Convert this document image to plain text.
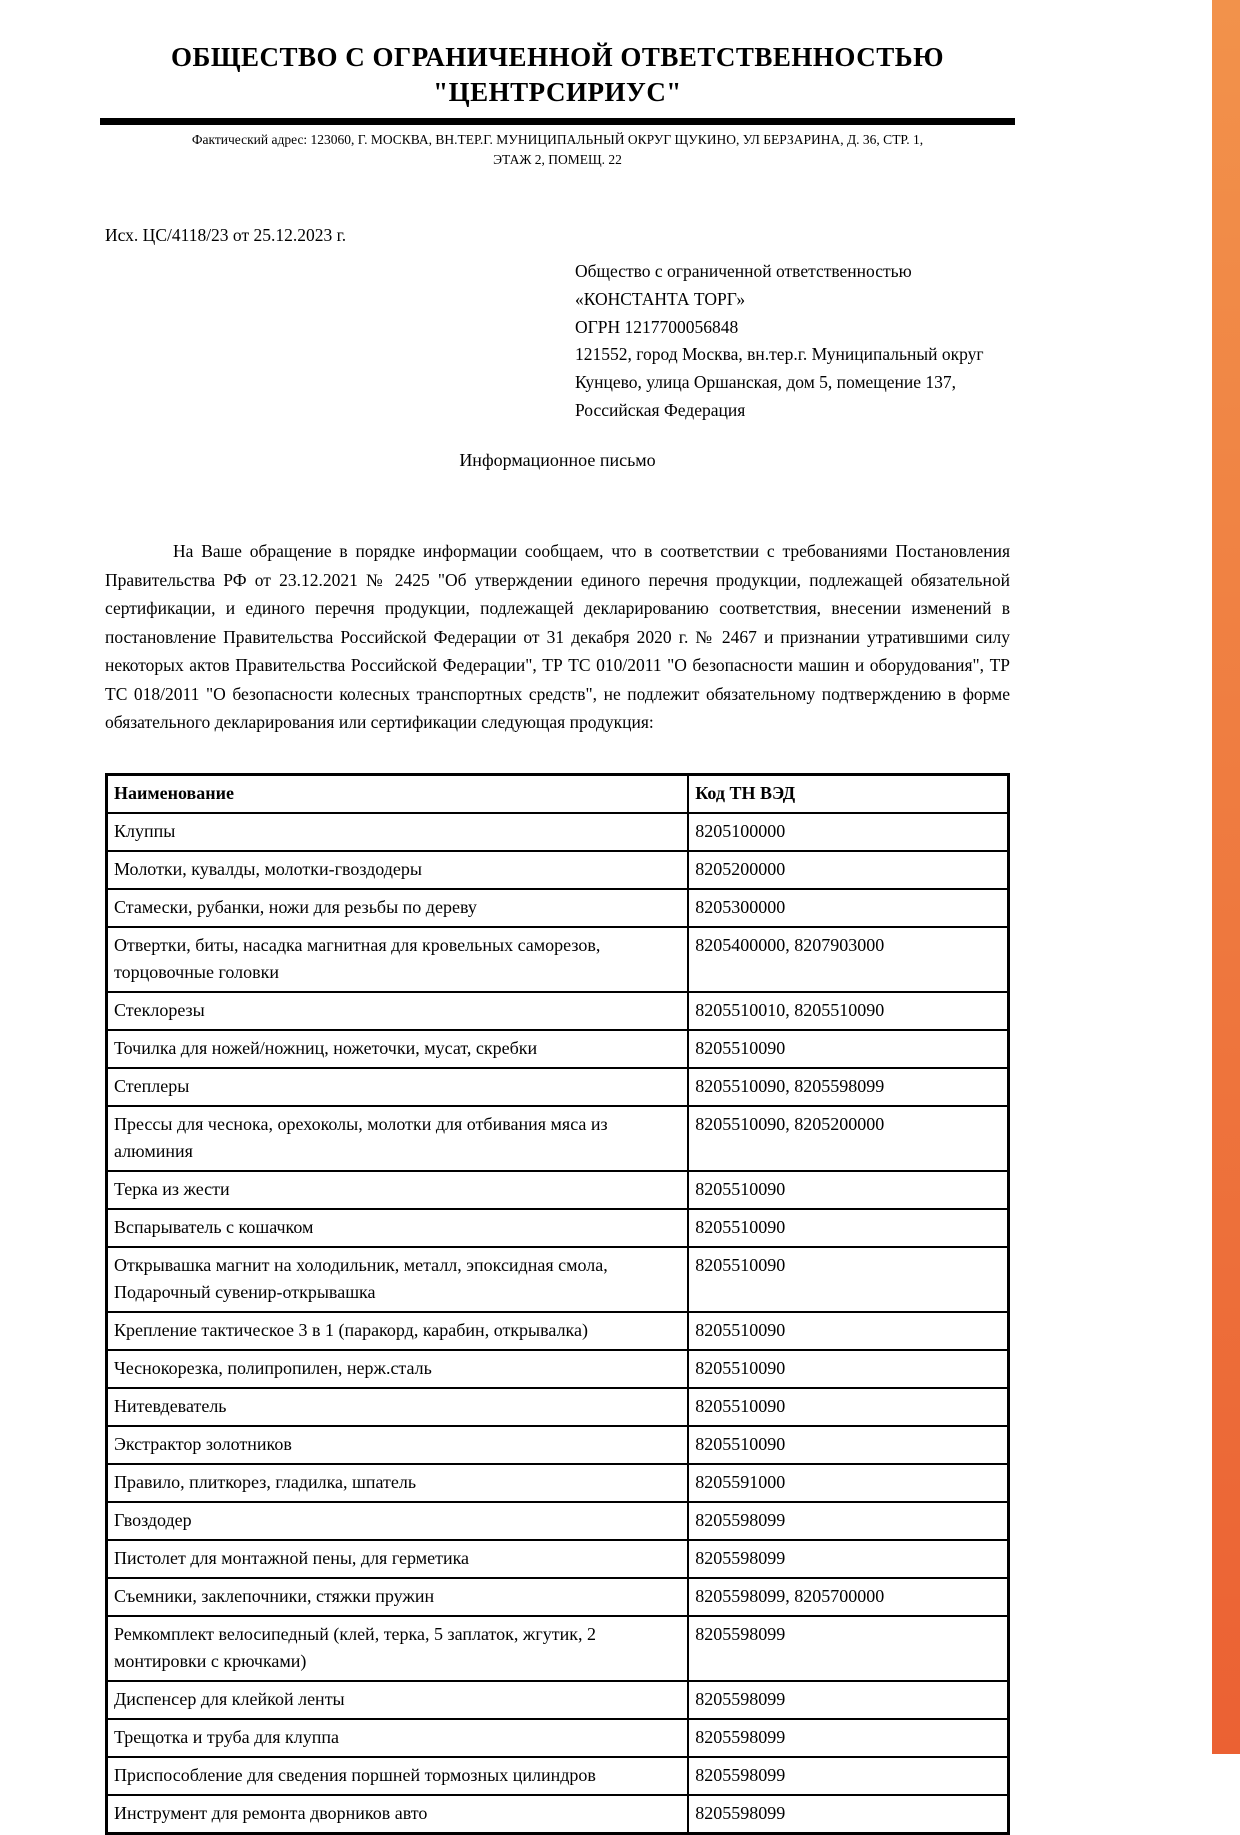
ОБЩЕСТВО С ОГРАНИЧЕННОЙ ОТВЕТСТВЕННОСТЬЮ
"ЦЕНТРСИРИУС"
Фактический адрес: 123060, Г. МОСКВА, ВН.ТЕР.Г. МУНИЦИПАЛЬНЫЙ ОКРУГ ЩУКИНО, УЛ БЕРЗАРИНА, Д. 36, СТР. 1,
ЭТАЖ 2, ПОМЕЩ. 22
Исх. ЦС/4118/23 от 25.12.2023 г.
Общество с ограниченной ответственностью
«КОНСТАНТА ТОРГ»
ОГРН 1217700056848
121552, город Москва, вн.тер.г. Муниципальный округ
Кунцево, улица Оршанская, дом 5, помещение 137,
Российская Федерация
Информационное письмо
На Ваше обращение в порядке информации сообщаем, что в соответствии с требованиями Постановления Правительства РФ от 23.12.2021 № 2425 "Об утверждении единого перечня продукции, подлежащей обязательной сертификации, и единого перечня продукции, подлежащей декларированию соответствия, внесении изменений в постановление Правительства Российской Федерации от 31 декабря 2020 г. № 2467 и признании утратившими силу некоторых актов Правительства Российской Федерации", ТР ТС 010/2011 "О безопасности машин и оборудования", ТР ТС 018/2011 "О безопасности колесных транспортных средств", не подлежит обязательному подтверждению в форме обязательного декларирования или сертификации следующая продукция:
Наименование	Код ТН ВЭД
Клуппы	8205100000
Молотки, кувалды, молотки-гвоздодеры	8205200000
Стамески, рубанки, ножи для резьбы по дереву	8205300000
Отвертки, биты, насадка магнитная для кровельных саморезов, торцовочные головки	8205400000, 8207903000
Стеклорезы	8205510010, 8205510090
Точилка для ножей/ножниц, ножеточки, мусат, скребки	8205510090
Степлеры	8205510090, 8205598099
Прессы для чеснока, орехоколы, молотки для отбивания мяса из алюминия	8205510090, 8205200000
Терка из жести	8205510090
Вспарыватель с кошачком	8205510090
Открывашка магнит на холодильник, металл, эпоксидная смола, Подарочный сувенир-открывашка	8205510090
Крепление тактическое 3 в 1 (паракорд, карабин, открывалка)	8205510090
Чеснокорезка, полипропилен, нерж.сталь	8205510090
Нитевдеватель	8205510090
Экстрактор золотников	8205510090
Правило, плиткорез, гладилка, шпатель	8205591000
Гвоздодер	8205598099
Пистолет для монтажной пены, для герметика	8205598099
Съемники, заклепочники, стяжки пружин	8205598099, 8205700000
Ремкомплект велосипедный (клей, терка, 5 заплаток, жгутик, 2 монтировки с крючками)	8205598099
Диспенсер для клейкой ленты	8205598099
Трещотка и труба для клуппа	8205598099
Приспособление для сведения поршней тормозных цилиндров	8205598099
Инструмент для ремонта дворников авто	8205598099
